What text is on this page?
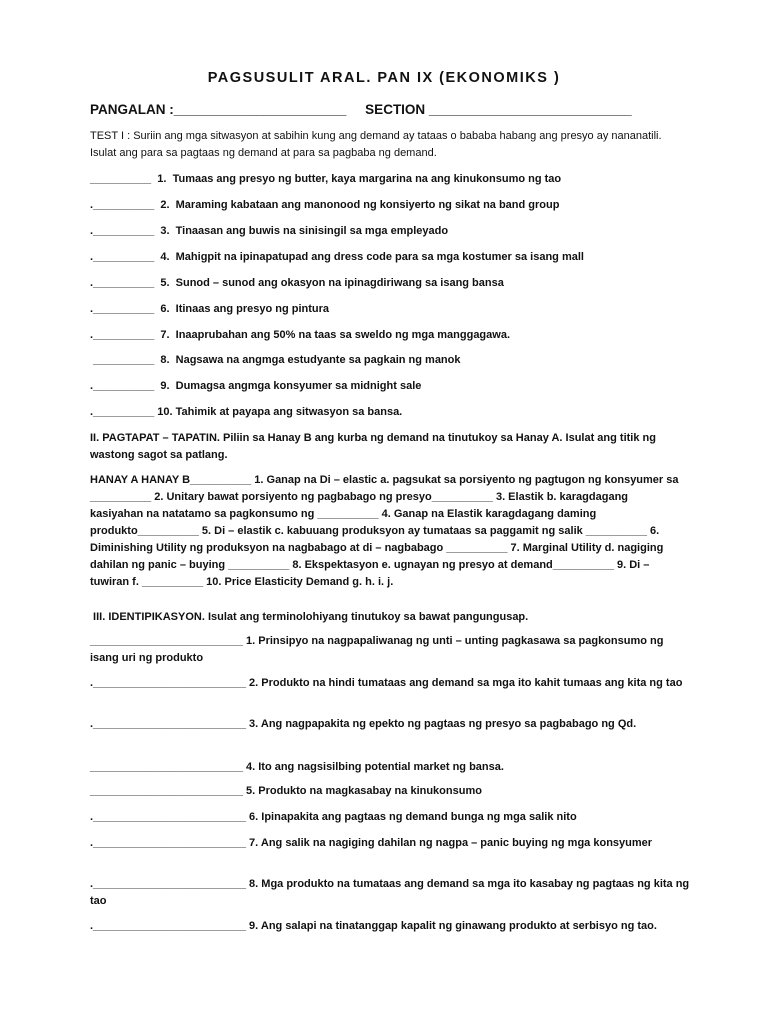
PAGSUSULIT ARAL. PAN IX (EKONOMIKS )
PANGALAN :_______________________     SECTION ___________________________
TEST I : Suriin ang mga sitwasyon at sabihin kung ang demand ay tataas o bababa habang ang presyo ay nananatili. Isulat ang para sa pagtaas ng demand at para sa pagbaba ng demand.
__________  1.  Tumaas ang presyo ng butter, kaya margarina na ang kinukonsumo ng tao
.__________  2.  Maraming kabataan ang manonood ng konsiyerto ng sikat na band group
.__________  3.  Tinaasan ang buwis na sinisingil sa mga empleyado
.__________  4.  Mahigpit na ipinapatupad ang dress code para sa mga kostumer sa isang mall
.__________  5.  Sunod – sunod ang okasyon na ipinagdiriwang sa isang bansa
.__________  6.  Itinaas ang presyo ng pintura
.__________  7.  Inaaprubahan ang 50% na taas sa sweldo ng mga manggagawa.
__________  8.  Nagsawa na angmga estudyante sa pagkain ng manok
.__________  9.  Dumagsa angmga konsyumer sa midnight sale
.__________ 10. Tahimik at payapa ang sitwasyon sa bansa.
II. PAGTAPAT – TAPATIN. Piliin sa Hanay B ang kurba ng demand na tinutukoy sa Hanay A. Isulat ang titik ng wastong sagot sa patlang.
HANAY A HANAY B__________ 1. Ganap na Di – elastic a. pagsukat sa porsiyento ng pagtugon ng konsyumer sa __________ 2. Unitary bawat porsiyento ng pagbabago ng presyo__________ 3. Elastik b. karagdagang kasiyahan na natatamo sa pagkonsumo ng __________ 4. Ganap na Elastik karagdagang daming produkto__________ 5. Di – elastik c. kabuuang produksyon ay tumataas sa paggamit ng salik __________ 6. Diminishing Utility ng produksyon na nagbabago at di – nagbabago __________ 7. Marginal Utility d. nagiging dahilan ng panic – buying __________ 8. Ekspektasyon e. ugnayan ng presyo at demand__________ 9. Di – tuwiran f. __________ 10. Price Elasticity Demand g. h. i. j.
III. IDENTIPIKASYON. Isulat ang terminolohiyang tinutukoy sa bawat pangungusap.
_________________________ 1. Prinsipyo na nagpapaliwanag ng unti – unting pagkasawa sa pagkonsumo ng isang uri ng produkto
._________________________ 2. Produkto na hindi tumataas ang demand sa mga ito kahit tumaas ang kita ng tao
._________________________ 3. Ang nagpapakita ng epekto ng pagtaas ng presyo sa pagbabago ng Qd.
_________________________ 4. Ito ang nagsisilbing potential market ng bansa.
_________________________ 5. Produkto na magkasabay na kinukonsumo
._________________________ 6. Ipinapakita ang pagtaas ng demand bunga ng mga salik nito
._________________________ 7. Ang salik na nagiging dahilan ng nagpa – panic buying ng mga konsyumer
._________________________ 8. Mga produkto na tumataas ang demand sa mga ito kasabay ng pagtaas ng kita ng tao
._________________________ 9. Ang salapi na tinatanggap kapalit ng ginawang produkto at serbisyo ng tao.
